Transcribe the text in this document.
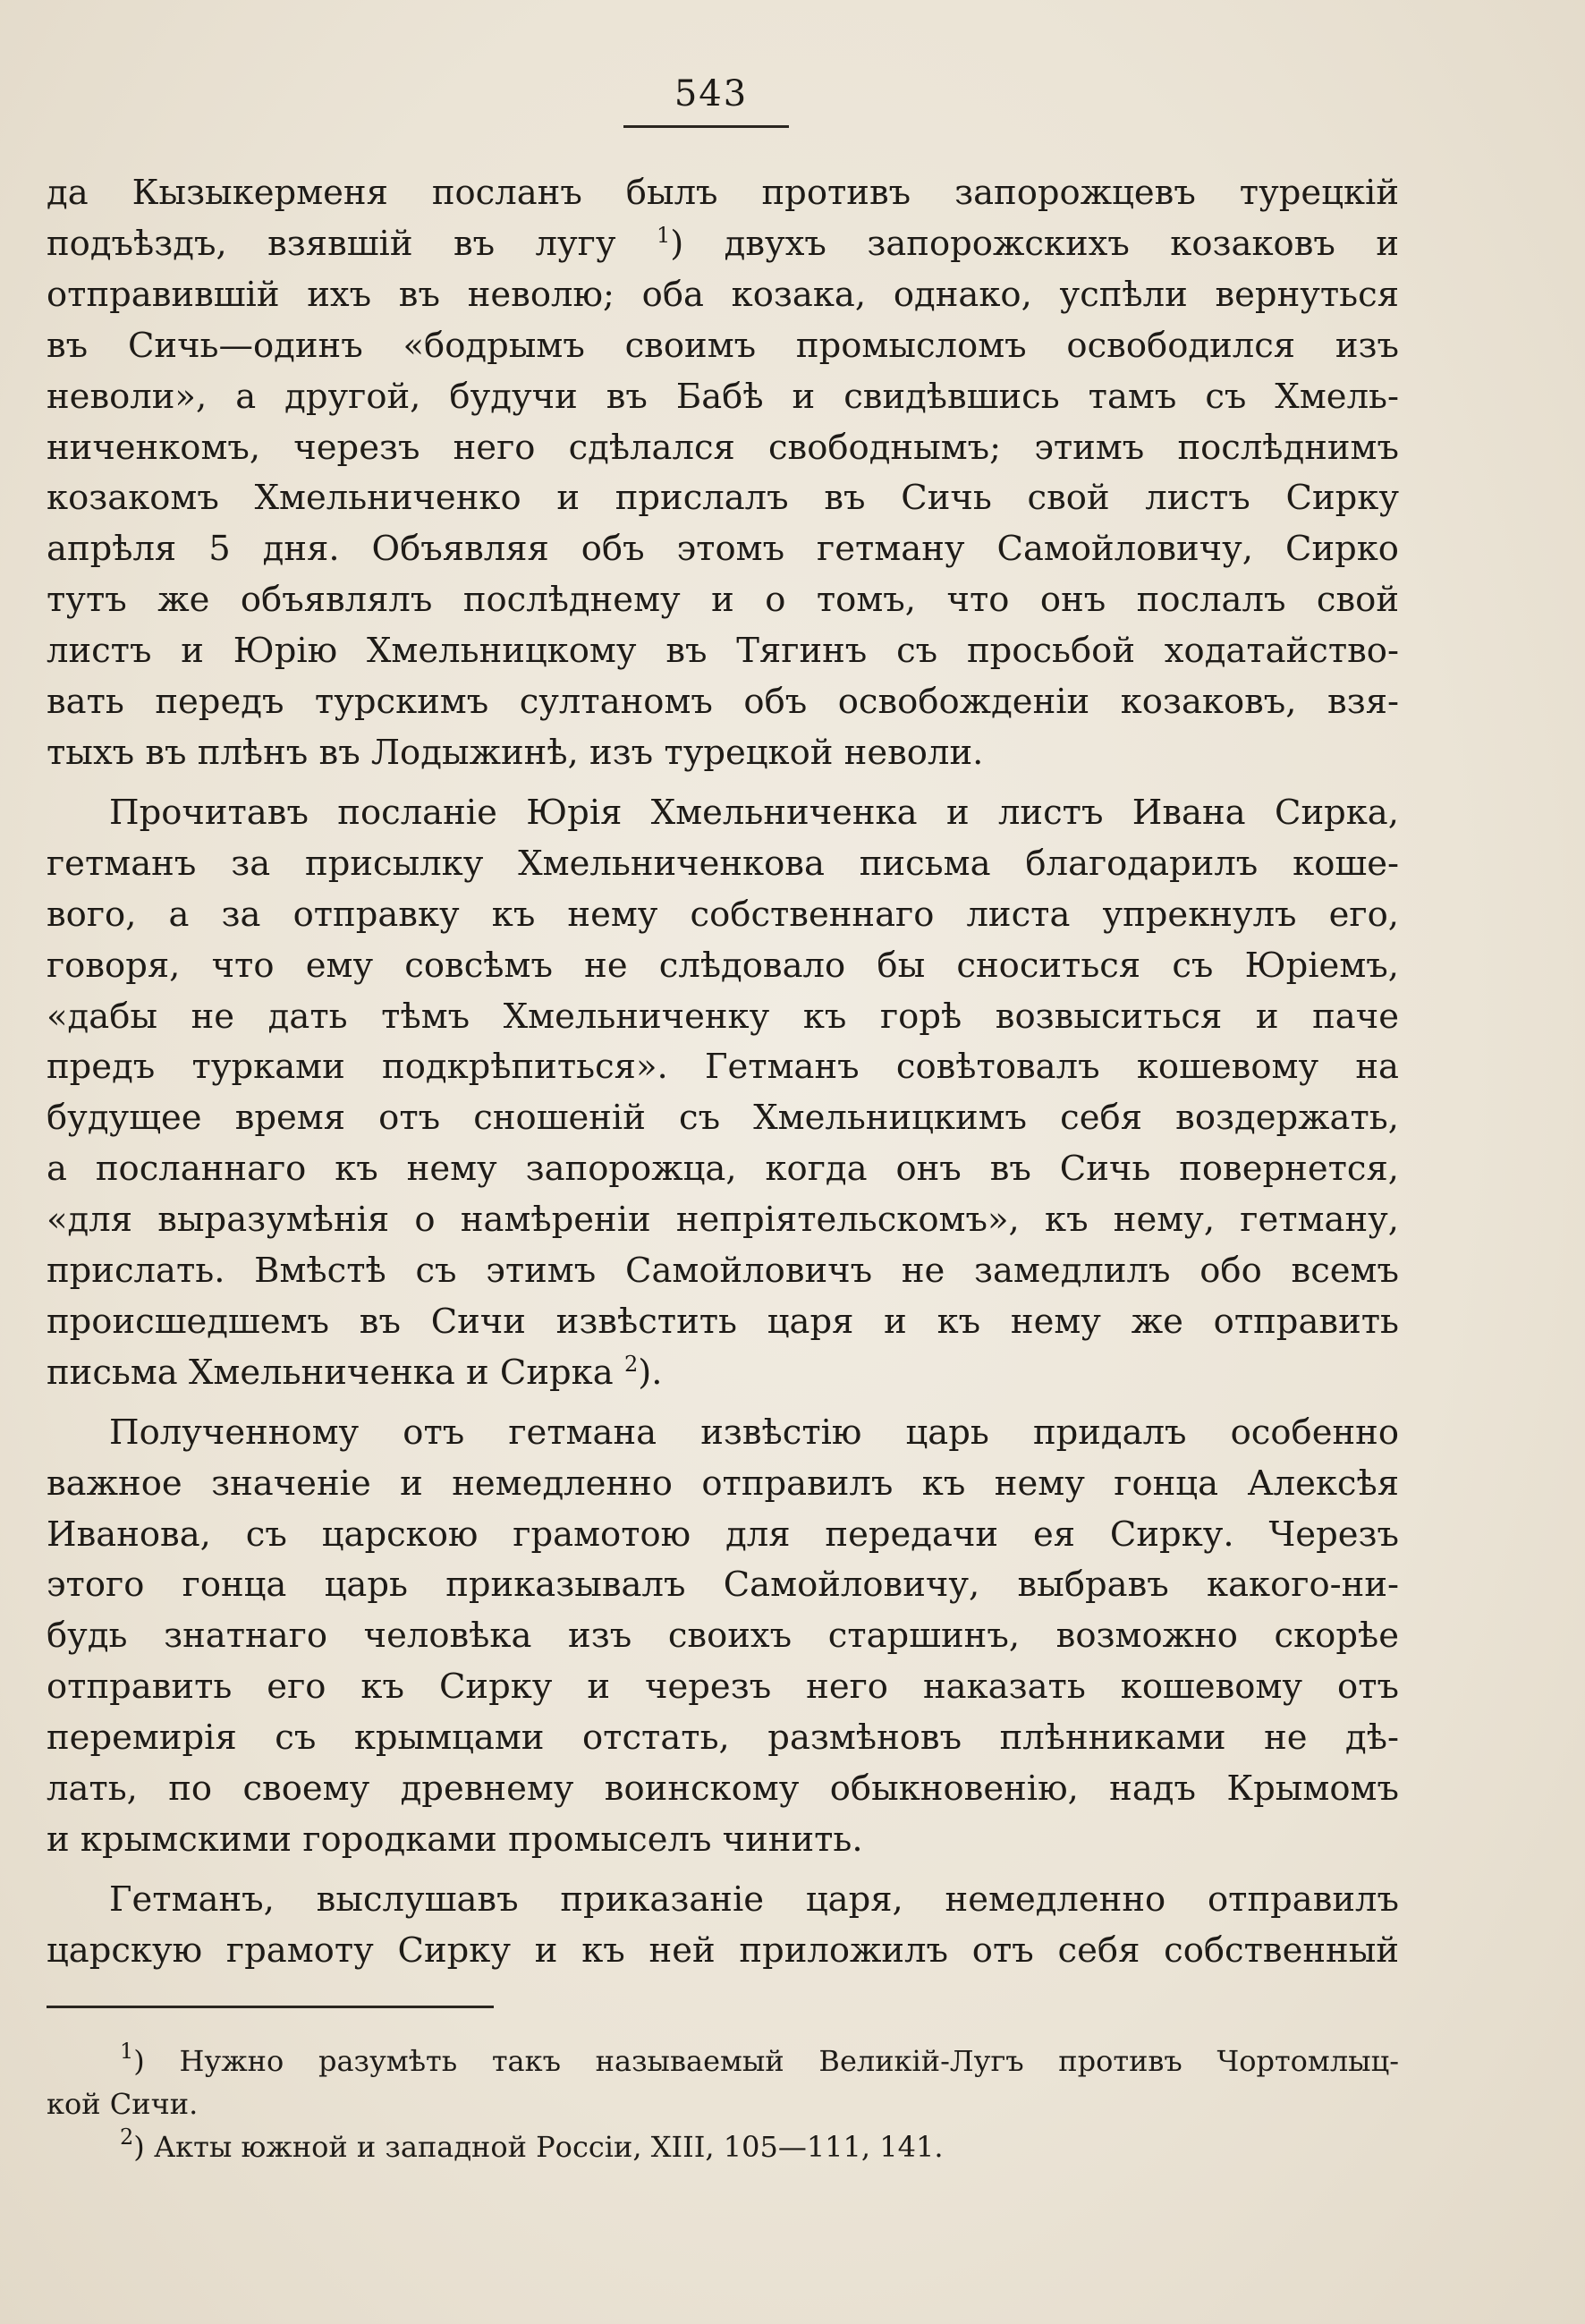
543

да Кызыкерменя посланъ былъ противъ запорожцевъ турецкій
подъѣздъ, взявшій въ лугу $^1$) двухъ запорожскихъ козаковъ и
отправившій ихъ въ неволю; оба козака, однако, успѣли вернуться
въ Сичь—одинъ «бодрымъ своимъ промысломъ освободился изъ
неволи», а другой, будучи въ Бабѣ и свидѣвшись тамъ съ Хмель-
ниченкомъ, черезъ него сдѣлался свободнымъ; этимъ послѣднимъ
козакомъ Хмельниченко и прислалъ въ Сичь свой листъ Сирку
апрѣля 5 дня. Объявляя объ этомъ гетману Самойловичу, Сирко
тутъ же объявлялъ послѣднему и о томъ, что онъ послалъ свой
листъ и Юрію Хмельницкому въ Тягинъ съ просьбой ходатайство-
вать передъ турскимъ султаномъ объ освобожденіи козаковъ, взя-
тыхъ въ плѣнъ въ Лодыжинѣ, изъ турецкой неволи.

Прочитавъ посланіе Юрія Хмельниченка и листъ Ивана Сирка,
гетманъ за присылку Хмельниченкова письма благодарилъ коше-
вого, а за отправку къ нему собственнаго листа упрекнулъ его,
говоря, что ему совсѣмъ не слѣдовало бы сноситься съ Юріемъ,
«дабы не дать тѣмъ Хмельниченку къ горѣ возвыситься и паче
предъ турками подкрѣпиться». Гетманъ совѣтовалъ кошевому на
будущее время отъ сношеній съ Хмельницкимъ себя воздержать,
а посланнаго къ нему запорожца, когда онъ въ Сичь повернется,
«для выразумѣнія о намѣреніи непріятельскомъ», къ нему, гетману,
прислать. Вмѣстѣ съ этимъ Самойловичъ не замедлилъ обо всемъ
происшедшемъ въ Сичи извѣстить царя и къ нему же отправить
письма Хмельниченка и Сирка $^2$).

Полученному отъ гетмана извѣстію царь придалъ особенно
важное значеніе и немедленно отправилъ къ нему гонца Алексѣя
Иванова, съ царскою грамотою для передачи ея Сирку. Черезъ
этого гонца царь приказывалъ Самойловичу, выбравъ какого-ни-
будь знатнаго человѣка изъ своихъ старшинъ, возможно скорѣе
отправить его къ Сирку и черезъ него наказать кошевому отъ
перемирія съ крымцами отстать, размѣновъ плѣнниками не дѣ-
лать, по своему древнему воинскому обыкновенію, надъ Крымомъ
и крымскими городками промыселъ чинить.

Гетманъ, выслушавъ приказаніе царя, немедленно отправилъ
царскую грамоту Сирку и къ ней приложилъ отъ себя собственный

$^1$) Нужно разумѣть такъ называемый Великій-Лугъ противъ Чортомлыц-
кой Сичи.

$^2$) Акты южной и западной Россіи, XIII, 105—111, 141.
